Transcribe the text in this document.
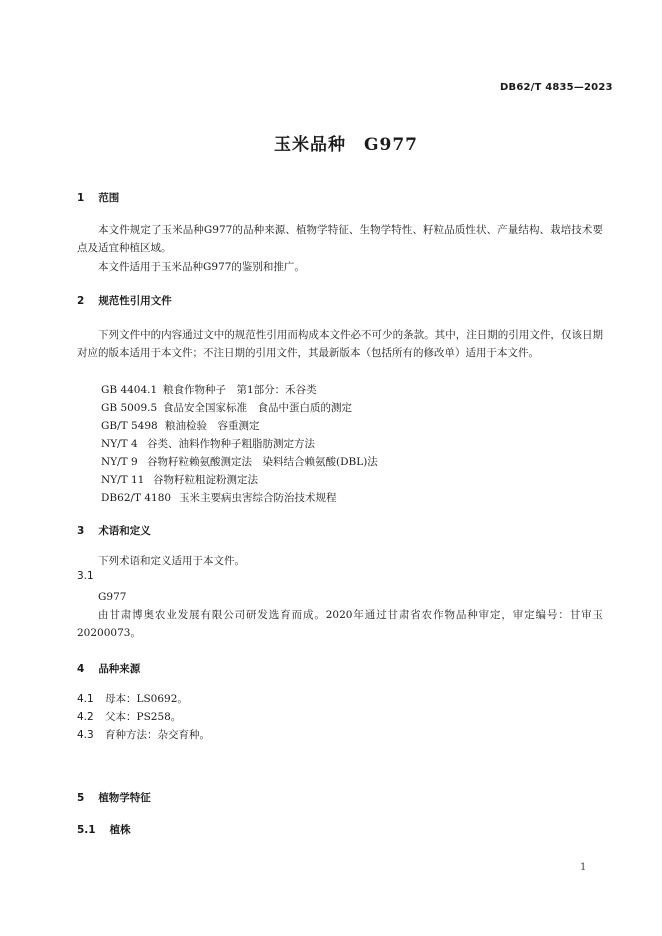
DB62/T 4835—2023
玉米品种　G977
1 范围
本文件规定了玉米品种G977的品种来源、植物学特征、生物学特性、籽粒品质性状、产量结构、栽培技术要点及适宜种植区域。
本文件适用于玉米品种G977的鉴别和推广。
2 规范性引用文件
下列文件中的内容通过文中的规范性引用而构成本文件必不可少的条款。其中，注日期的引用文件，仅该日期对应的版本适用于本文件；不注日期的引用文件，其最新版本（包括所有的修改单）适用于本文件。
GB 4404.1 粮食作物种子　第1部分：禾谷类
GB 5009.5 食品安全国家标准　食品中蛋白质的测定
GB/T 5498 粮油检验　容重测定
NY/T 4 谷类、油料作物种子粗脂肪测定方法
NY/T 9 谷物籽粒赖氨酸测定法　染料结合赖氨酸(DBL)法
NY/T 11 谷物籽粒粗淀粉测定法
DB62/T 4180 玉米主要病虫害综合防治技术规程
3 术语和定义
下列术语和定义适用于本文件。
3.1
G977
由甘肃博奥农业发展有限公司研发选育而成。2020年通过甘肃省农作物品种审定，审定编号：甘审玉20200073。
4 品种来源
4.1 母本：LS0692。
4.2 父本：PS258。
4.3 育种方法：杂交育种。
5 植物学特征
5.1 植株
1
